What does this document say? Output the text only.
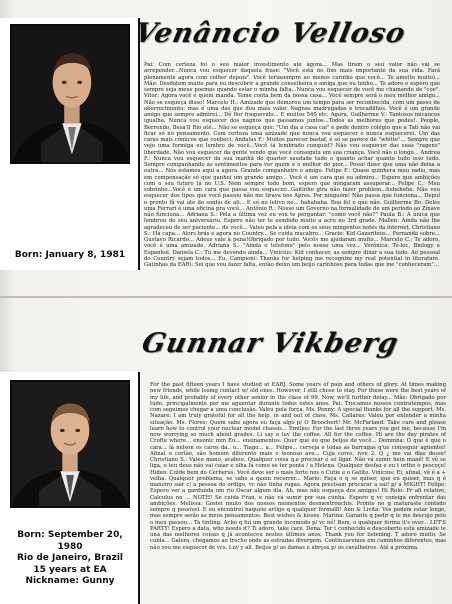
Born: January 8, 1981
Venâncio Velloso
Pai: Com certeza foi o seu maior investimento até agora... Mas tiram o seu valor não vai se arrepender...Nunca vou esquecer daquela frase: "Você está no fixo mais importante da sua vida. Fará plenamente agora com colher depois". Você teriasempre ao menos carinho que você... Te amo(to muito)... Mãe: Desdotem muito para eu descobrir a grande conselheira e amiga que eu tenho... Te adoro e espero que sempre seja meus poemas quando estar o mimha falta...Nunca vou esquecer de você me chamando de "coo". Vitor: Agora você é quem manda. Tome conta bem da nossa casa... Você sempre será o meu melhor amigo... Não se esqueça disso! Marcelo H.: Amizade que demorou um tempo para ser reconhecida, com um passo de aborrecimento: mas é uma das que dou mais valor. Nagnas madrugadas e trocadilhos. Você é um grande amigo que sempre admirei... Dê flor fraquevido... E muitos 540 etc. Agora, Guilherme V.: Tantosos micancos igualha. Nunca vou esquecer dos nagnos que passamos juntos...Todos as melhores que podes!. People, Berrendo, Besa'll Rio até... Não se esqueça que: "Um dia a casa cai" e pede dentro colégio que a Tati não vai ficar só no pensamento. Com certeza uma amizade que nunca vou esquecer e nunca esquecerei. Um das caras mais cômicos que conheci. Andalus F.: Muitos parecer bastaf, é só se parece de "whitte"... Sempre que vejo uma formiga eu lembro de você...Você tá lembrado conquist? Não vou esquecer das suas "ragens" liberdade. Não vou esquecer da gente vendo que você conseguiu em sua criança. Você não o longo... Andrea F.: Nunca vou esquecer da sua manhã de quarter saudade tudo o quanto achar quanto tudo isso tudo. Sempre companhando as sentimentos para ver quem é o melhor do pior... Posso dizer que uma não deixa a outra... Nós estamos aqui a agora. Grande companheiro e amigo. Felipe F.: Quase quinhera meu radio, mas em compensação só que ganhei um grande amigo... Você é um cara que eu admiro... Espero que ambições com o seu futuro lá no U.S. Nem sempre todo bom, espero que mingaram assuperar... Felipe C.: Meu sobrinho...Você é um cara que passa vou esquecer...Gaitinho gira não fazer problem...hehehehe. Não vou esquecer dos tipos que você passou não me tirava nos Apres. Por ninguém! Não passa que funciona... Depuí o pronto fã vai até do sonho de ali... E só no letivo no... hahahaha. Boa fol o que não. Guilherme Bo: Deles uma Ferrari é uma oficina pra você... Antônio R.: Nosso um Governo na formalidade de um período ao Zinave não funciona... Adriana S.: Pela a última vez eu vou te perguntar: "como você não?" Paula B.: A única que lembrou do seu aniversário. Espero não ter te esmbido muito a acro no 3rd grade. Mallen: Ainda não lhe agradeceu de ser paciente... de você... Valeu pela a ideia com os seus mingentos notes da internet. Christiano S.: Há capa... Alors brás e agora no Country... Se cuida macabro... Gracie: Kid Gazariteos... Fernanda sobre... Gustavo Ricardo... Adeus vale à pena!Obrigado por tudo. Vocês me ajudaram muito... Marcelo C.: Te adoro, você é uma amizade. Adriana S.: "Ainda o telefone" pelo nosso uma vez... Verônica: Té-loc, Biology e Espanhol. Daniela C.: Tu me devendo ainda... Vinicius: Kid conhecer, as sempre dixar a sua tudo. Ao pessoal do Country sejam todos... Eu, Campioni: Thanks for helping me recognize my real potential in literature. Gatinhas da EAR): Sei que vou fazer falta, então deixo um beijo carinhoso para todas que me "conheceram"...
Gunnar Vikberg
Born: September 20, 1980
Rio de Janeiro, Brazil
15 years at EA
Nickname: Gunny
For the past fifteen years I have studied at EARJ. Some years of pain and others of glory. At times making new friends, while losing contact w/ old ones. However, I still chose to stay. For these were the best years of my life, and probably of every other senior in the class of 99. Now, we'll further delay... Mãe: Obrigado por tudo, principalmente por me aguentar durante todos estes anos. Pai: Trocamos nossos contratempos, mas com seguimos chegar a uma conclusão. Valeu pela força. Ms. Penny: A special thanks for all the support. Ms. Nazare: I am truly grateful for all the help, in and out of class. Ms. Callares: Valeu por entender a minha situação. Ms. Flores: Quem sabe agora eu faça algo p/ O Broochert! Mr. McFarland: Take care and please learn how to control your nuclear model chassis... Emilios: For the last three years you got me, because I'm now worrying so much about grades. Li say o luv the coffee. All for the coffee. Hi are the day pirates of Crofte where... ensonic mm Eu... ensinamentos. Quer que eu que beijos de você... Deminha: O que é que o cara... lá nelson os caros da.. o... Tiago... a... Felipe... cerveja e todas as barragas q'ue conseguir agüentei! Afinal o cortão, são homem diferente mais o leonoso ave... Cuja cores, ivre 2. Q ¿ me vai dias desse! Christiano S.: Valeu mano, acabou. Qualquer coisa q.e precisar é só ligar. Não vá sumir hein mané! E vê se liga, o teu deus não vai caiar e olha lá como se ter ponta / a Helena. Qualquer desfaz e eu t ortho o pescoço! Hideo: Cuide bem do Cerberus. Você deve ser o mais forte nos o Cutie e o Gatito. Vinícius: Ei, afinal, vê é a + velha. Qualquer problema, se sabe a quem recorrer... Mario: Faça o q se quiser, que eu quiser, mas q é maneiro sair c/ a pessoa do ordigo, vc não tinha rugas. Agora precisam procurar a sai! p/ a MIGHT! Felipe: Espero ver a gardunda um rio Oscar algum dia. Ah, mas não esqueça dos amigos! Hi Rolo: Fr afi relative, Calculus no ... NOTH! Se cuida Fran, e não vá sumir por sua cunha. Espero q vc consiga enfrentar das ambições. Melissa: Gostei muito dos nossos momentos desmentrouchis. Pronto no q maturaste contado sempre q possível. E eu encontrei naquele artigo q qualquer formalll! Ann & Livita: Vos podem estar longe, mas sempre serão as meus pensamentos. Best wishes & kisses. Marina: Garante q pedir q te me descujo pelo o meu passou... Ta tinting. Acho q fui um grande incomodo p/ vc né! Bem, o qualquer forma it's over... LET'S PARTY! Espero a data, who needs it? Ti adoro, take care. Dena: Ter t conhecido e descoberto esta amizade te una das melhores coisas q já aconteceu nestes últimos anos. Thank you for listening. T adoro muito. Se cuida... Galera, chegamos ao trecho onde as estradas divergem. Continuaremos em caminhos diferentes, mas não vou me esquecer de vcs. Luv y all. Beijos p/ as damas e abrços p/ os cavalheiros. Até a próxima.
